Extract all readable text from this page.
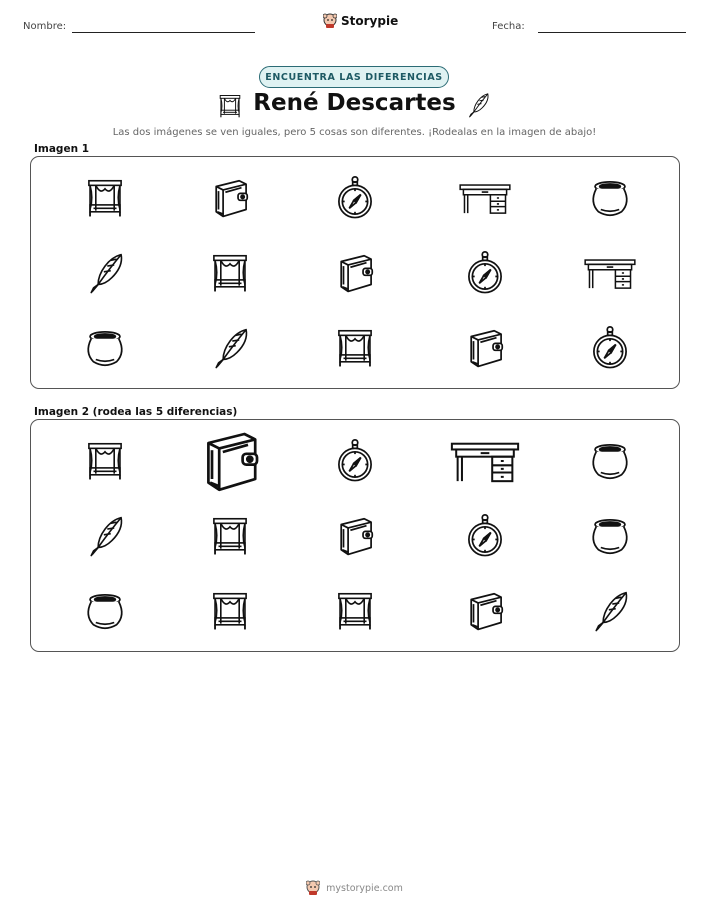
Nombre:	Storypie	Fecha:
ENCUENTRA LAS DIFERENCIAS
René Descartes
Las dos imágenes se ven iguales, pero 5 cosas son diferentes. ¡Rodealas en la imagen de abajo!
Imagen 1
Imagen 2 (rodea las 5 diferencias)
mystorypie.com
